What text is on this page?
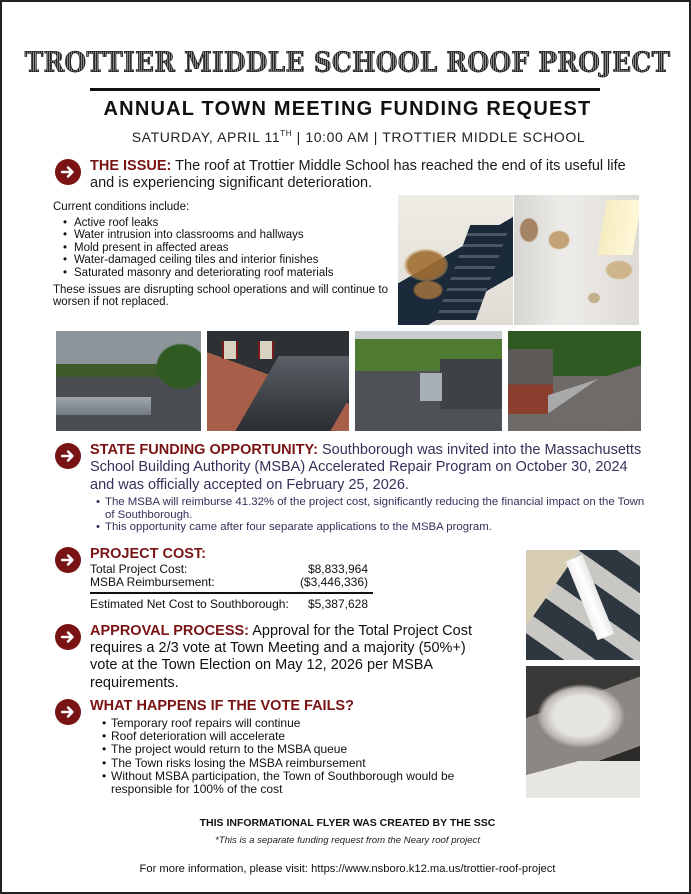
TROTTIER MIDDLE SCHOOL ROOF PROJECT
ANNUAL TOWN MEETING FUNDING REQUEST
SATURDAY, APRIL 11TH | 10:00 AM | TROTTIER MIDDLE SCHOOL
THE ISSUE: The roof at Trottier Middle School has reached the end of its useful life and is experiencing significant deterioration.
Current conditions include:
• Active roof leaks
• Water intrusion into classrooms and hallways
• Mold present in affected areas
• Water-damaged ceiling tiles and interior finishes
• Saturated masonry and deteriorating roof materials
These issues are disrupting school operations and will continue to worsen if not replaced.
STATE FUNDING OPPORTUNITY: Southborough was invited into the Massachusetts School Building Authority (MSBA) Accelerated Repair Program on October 30, 2024 and was officially accepted on February 25, 2026.
• The MSBA will reimburse 41.32% of the project cost, significantly reducing the financial impact on the Town of Southborough.
• This opportunity came after four separate applications to the MSBA program.
PROJECT COST:
Total Project Cost:	$8,833,964
MSBA Reimbursement:	($3,446,336)
Estimated Net Cost to Southborough:	$5,387,628
APPROVAL PROCESS: Approval for the Total Project Cost requires a 2/3 vote at Town Meeting and a majority (50%+) vote at the Town Election on May 12, 2026 per MSBA requirements.
WHAT HAPPENS IF THE VOTE FAILS?
• Temporary roof repairs will continue
• Roof deterioration will accelerate
• The project would return to the MSBA queue
• The Town risks losing the MSBA reimbursement
• Without MSBA participation, the Town of Southborough would be responsible for 100% of the cost
THIS INFORMATIONAL FLYER WAS CREATED BY THE SSC
*This is a separate funding request from the Neary roof project
For more information, please visit: https://www.nsboro.k12.ma.us/trottier-roof-project
